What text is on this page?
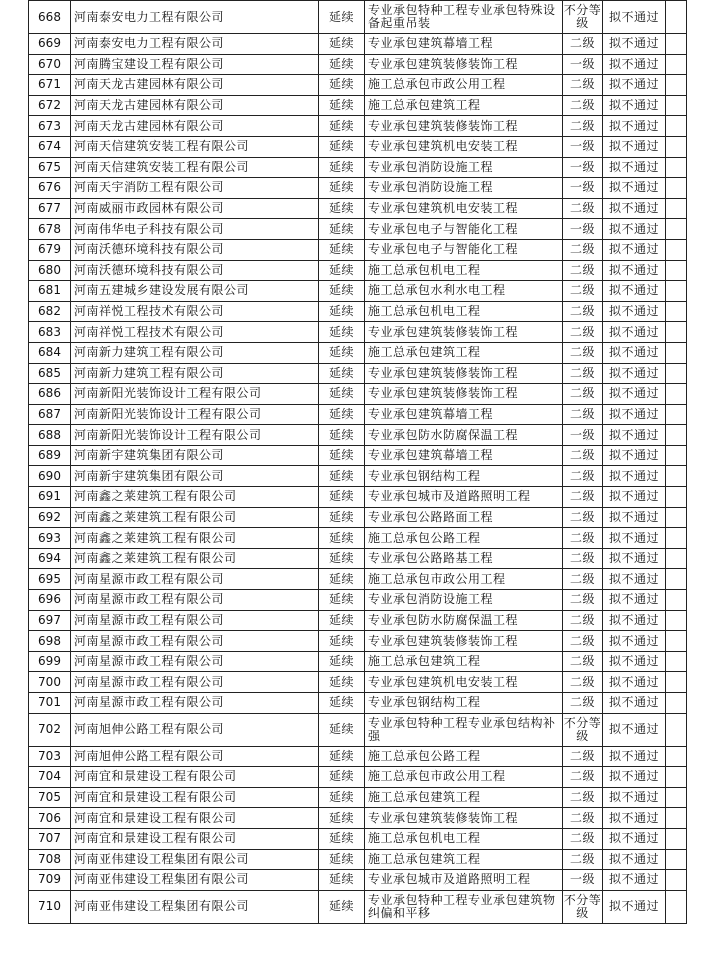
668	河南泰安电力工程有限公司	延续	专业承包特种工程专业承包特殊设备起重吊装	不分等级	拟不通过	
669	河南泰安电力工程有限公司	延续	专业承包建筑幕墙工程	二级	拟不通过	
670	河南腾宝建设工程有限公司	延续	专业承包建筑装修装饰工程	一级	拟不通过	
671	河南天龙古建园林有限公司	延续	施工总承包市政公用工程	二级	拟不通过	
672	河南天龙古建园林有限公司	延续	施工总承包建筑工程	二级	拟不通过	
673	河南天龙古建园林有限公司	延续	专业承包建筑装修装饰工程	二级	拟不通过	
674	河南天信建筑安装工程有限公司	延续	专业承包建筑机电安装工程	一级	拟不通过	
675	河南天信建筑安装工程有限公司	延续	专业承包消防设施工程	一级	拟不通过	
676	河南天宇消防工程有限公司	延续	专业承包消防设施工程	一级	拟不通过	
677	河南威丽市政园林有限公司	延续	专业承包建筑机电安装工程	二级	拟不通过	
678	河南伟华电子科技有限公司	延续	专业承包电子与智能化工程	一级	拟不通过	
679	河南沃德环境科技有限公司	延续	专业承包电子与智能化工程	二级	拟不通过	
680	河南沃德环境科技有限公司	延续	施工总承包机电工程	二级	拟不通过	
681	河南五建城乡建设发展有限公司	延续	施工总承包水利水电工程	二级	拟不通过	
682	河南祥悦工程技术有限公司	延续	施工总承包机电工程	二级	拟不通过	
683	河南祥悦工程技术有限公司	延续	专业承包建筑装修装饰工程	二级	拟不通过	
684	河南新力建筑工程有限公司	延续	施工总承包建筑工程	二级	拟不通过	
685	河南新力建筑工程有限公司	延续	专业承包建筑装修装饰工程	二级	拟不通过	
686	河南新阳光装饰设计工程有限公司	延续	专业承包建筑装修装饰工程	二级	拟不通过	
687	河南新阳光装饰设计工程有限公司	延续	专业承包建筑幕墙工程	二级	拟不通过	
688	河南新阳光装饰设计工程有限公司	延续	专业承包防水防腐保温工程	一级	拟不通过	
689	河南新宇建筑集团有限公司	延续	专业承包建筑幕墙工程	二级	拟不通过	
690	河南新宇建筑集团有限公司	延续	专业承包钢结构工程	二级	拟不通过	
691	河南鑫之莱建筑工程有限公司	延续	专业承包城市及道路照明工程	二级	拟不通过	
692	河南鑫之莱建筑工程有限公司	延续	专业承包公路路面工程	二级	拟不通过	
693	河南鑫之莱建筑工程有限公司	延续	施工总承包公路工程	二级	拟不通过	
694	河南鑫之莱建筑工程有限公司	延续	专业承包公路路基工程	二级	拟不通过	
695	河南星源市政工程有限公司	延续	施工总承包市政公用工程	二级	拟不通过	
696	河南星源市政工程有限公司	延续	专业承包消防设施工程	二级	拟不通过	
697	河南星源市政工程有限公司	延续	专业承包防水防腐保温工程	二级	拟不通过	
698	河南星源市政工程有限公司	延续	专业承包建筑装修装饰工程	二级	拟不通过	
699	河南星源市政工程有限公司	延续	施工总承包建筑工程	二级	拟不通过	
700	河南星源市政工程有限公司	延续	专业承包建筑机电安装工程	二级	拟不通过	
701	河南星源市政工程有限公司	延续	专业承包钢结构工程	二级	拟不通过	
702	河南旭伸公路工程有限公司	延续	专业承包特种工程专业承包结构补强	不分等级	拟不通过	
703	河南旭伸公路工程有限公司	延续	施工总承包公路工程	二级	拟不通过	
704	河南宜和景建设工程有限公司	延续	施工总承包市政公用工程	二级	拟不通过	
705	河南宜和景建设工程有限公司	延续	施工总承包建筑工程	二级	拟不通过	
706	河南宜和景建设工程有限公司	延续	专业承包建筑装修装饰工程	二级	拟不通过	
707	河南宜和景建设工程有限公司	延续	施工总承包机电工程	二级	拟不通过	
708	河南亚伟建设工程集团有限公司	延续	施工总承包建筑工程	二级	拟不通过	
709	河南亚伟建设工程集团有限公司	延续	专业承包城市及道路照明工程	一级	拟不通过	
710	河南亚伟建设工程集团有限公司	延续	专业承包特种工程专业承包建筑物纠偏和平移	不分等级	拟不通过	
